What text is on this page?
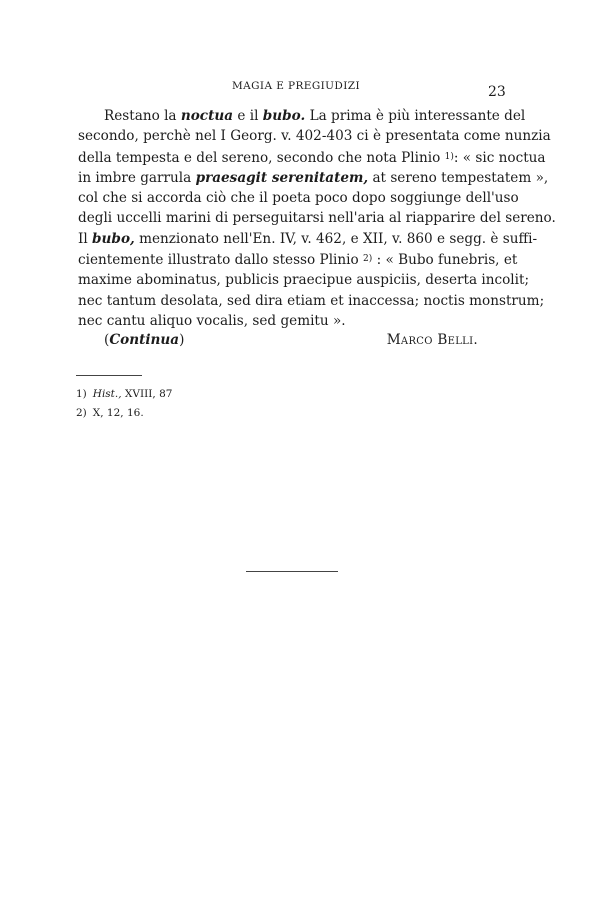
MAGIA E PREGIUDIZI	23
Restano la noctua e il bubo. La prima è più interessante del
secondo, perchè nel I Georg. v. 402-403 ci è presentata come nunzia
della tempesta e del sereno, secondo che nota Plinio $^{1)}$: « sic noctua
in imbre garrula praesagit serenitatem, at sereno tempestatem »,
col che si accorda ciò che il poeta poco dopo soggiunge dell'uso
degli uccelli marini di perseguitarsi nell'aria al riapparire del sereno.
Il bubo, menzionato nell'En. IV, v. 462, e XII, v. 860 e segg. è suffi-
cientemente illustrato dallo stesso Plinio $^{2)}$ : « Bubo funebris, et
maxime abominatus, publicis praecipue auspiciis, deserta incolit;
nec tantum desolata, sed dira etiam et inaccessa; noctis monstrum;
nec cantu aliquo vocalis, sed gemitu ».
(Continua)	Marco Belli.
1) Hist., XVIII, 87
2) X, 12, 16.
